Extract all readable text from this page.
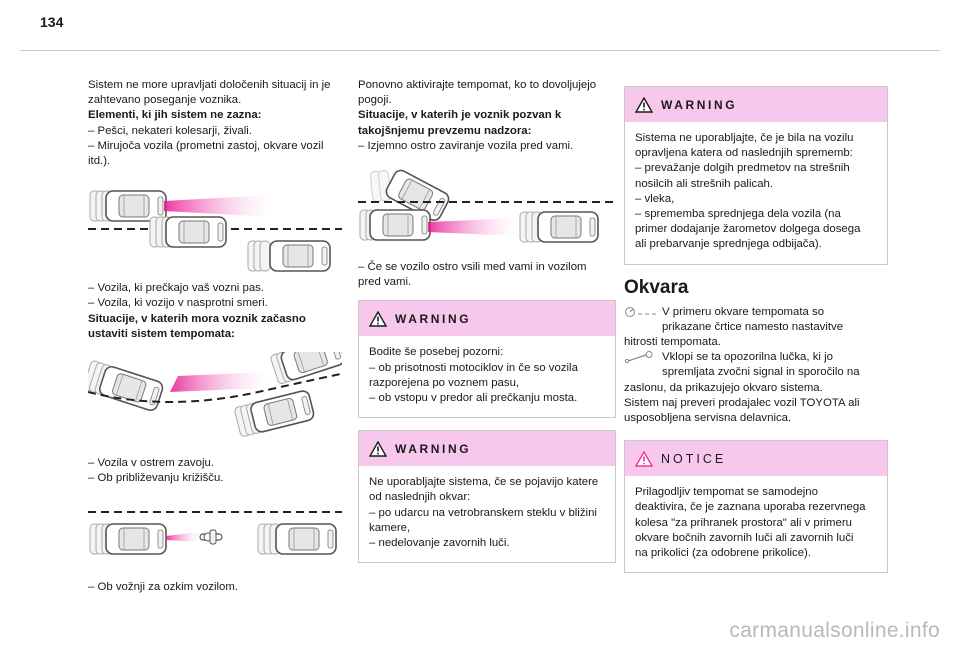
134

Sistem ne more upravljati določenih situacij in je

zahtevano poseganje voznika.

Elementi, ki jih sistem ne zazna:

– Pešci, nekateri kolesarji, živali.

– Mirujoča vozila (prometni zastoj, okvare vozil

itd.).

– Vozila, ki prečkajo vaš vozni pas.

– Vozila, ki vozijo v nasprotni smeri.

Situacije, v katerih mora voznik začasno

ustaviti sistem tempomata:

– Vozila v ostrem zavoju.

– Ob približevanju križišču.

– Ob vožnji za ozkim vozilom.

Ponovno aktivirajte tempomat, ko to dovoljujejo

pogoji.

Situacije, v katerih je voznik pozvan k

takojšnjemu prevzemu nadzora:

– Izjemno ostro zaviranje vozila pred vami.

– Če se vozilo ostro vsili med vami in vozilom

pred vami.

WARNING

Bodite še posebej pozorni:

– ob prisotnosti motociklov in če so vozila

razporejena po voznem pasu,

– ob vstopu v predor ali prečkanju mosta.

WARNING

Ne uporabljajte sistema, če se pojavijo katere

od naslednjih okvar:

– po udarcu na vetrobranskem steklu v bližini

kamere,

– nedelovanje zavornih luči.

WARNING

Sistema ne uporabljajte, če je bila na vozilu

opravljena katera od naslednjih sprememb:

– prevažanje dolgih predmetov na strešnih

nosilcih ali strešnih palicah.

– vleka,

– sprememba sprednjega dela vozila (na

primer dodajanje žarometov dolgega dosega

ali prebarvanje sprednjega odbijača).

Okvara

V primeru okvare tempomata so

prikazane črtice namesto nastavitve

hitrosti tempomata.

Vklopi se ta opozorilna lučka, ki jo

spremljata zvočni signal in sporočilo na

zaslonu, da prikazujejo okvaro sistema.

Sistem naj preveri prodajalec vozil TOYOTA ali

usposobljena servisna delavnica.

NOTICE

Prilagodljiv tempomat se samodejno

deaktivira, če je zaznana uporaba rezervnega

kolesa "za prihranek prostora" ali v primeru

okvare bočnih zavornih luči ali zavornih luči

na prikolici (za odobrene prikolice).

carmanualsonline.info
